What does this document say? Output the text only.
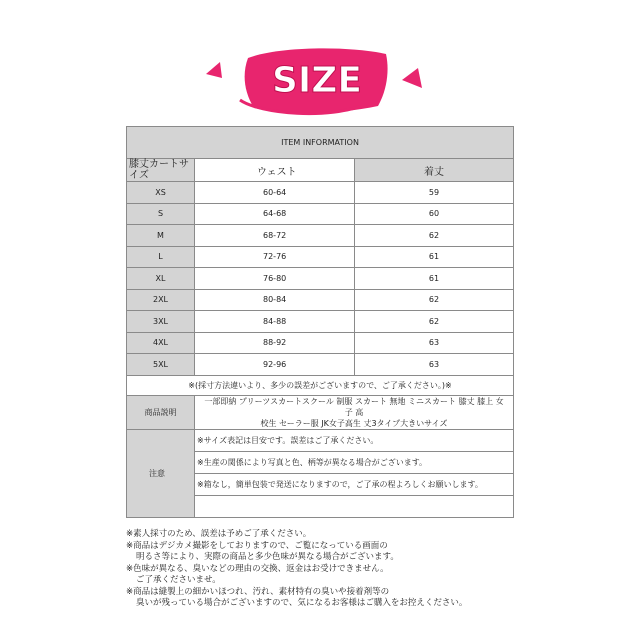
SIZE
ITEM INFORMATION		
膝丈カートサイズ	ウェスト	着丈
XS	60-64	59
S	64-68	60
M	68-72	62
L	72-76	61
XL	76-80	61
2XL	80-84	62
3XL	84-88	62
4XL	88-92	63
5XL	92-96	63
※(採寸方法違いより、多少の誤差がございますので、ご了承ください。)※		
商品説明	一部即納 プリーツスカートスクール 制服 スカート 無地 ミニスカート 膝丈 膝上 女子 高
校生 セーラー服 JK女子高生 丈3タイプ大きいサイズ	

注意	※サイズ表記は目安です。誤差はご了承ください。	
	※生産の関係により写真と色、柄等が異なる場合がございます。	
	※箱なし，簡単包装で発送になりますので，ご了承の程よろしくお願いします。	

※素人採寸のため、誤差は予めご了承ください。
※商品はデジカメ撮影をしておりますので、ご覧になっている画面の
明るさ等により、実際の商品と多少色味が異なる場合がございます。
※色味が異なる、臭いなどの理由の交換、返金はお受けできません。
ご了承くださいませ。
※商品は縫製上の細かいほつれ、汚れ、素材特有の臭いや接着剤等の
臭いが残っている場合がございますので、気になるお客様はご購入をお控えください。
